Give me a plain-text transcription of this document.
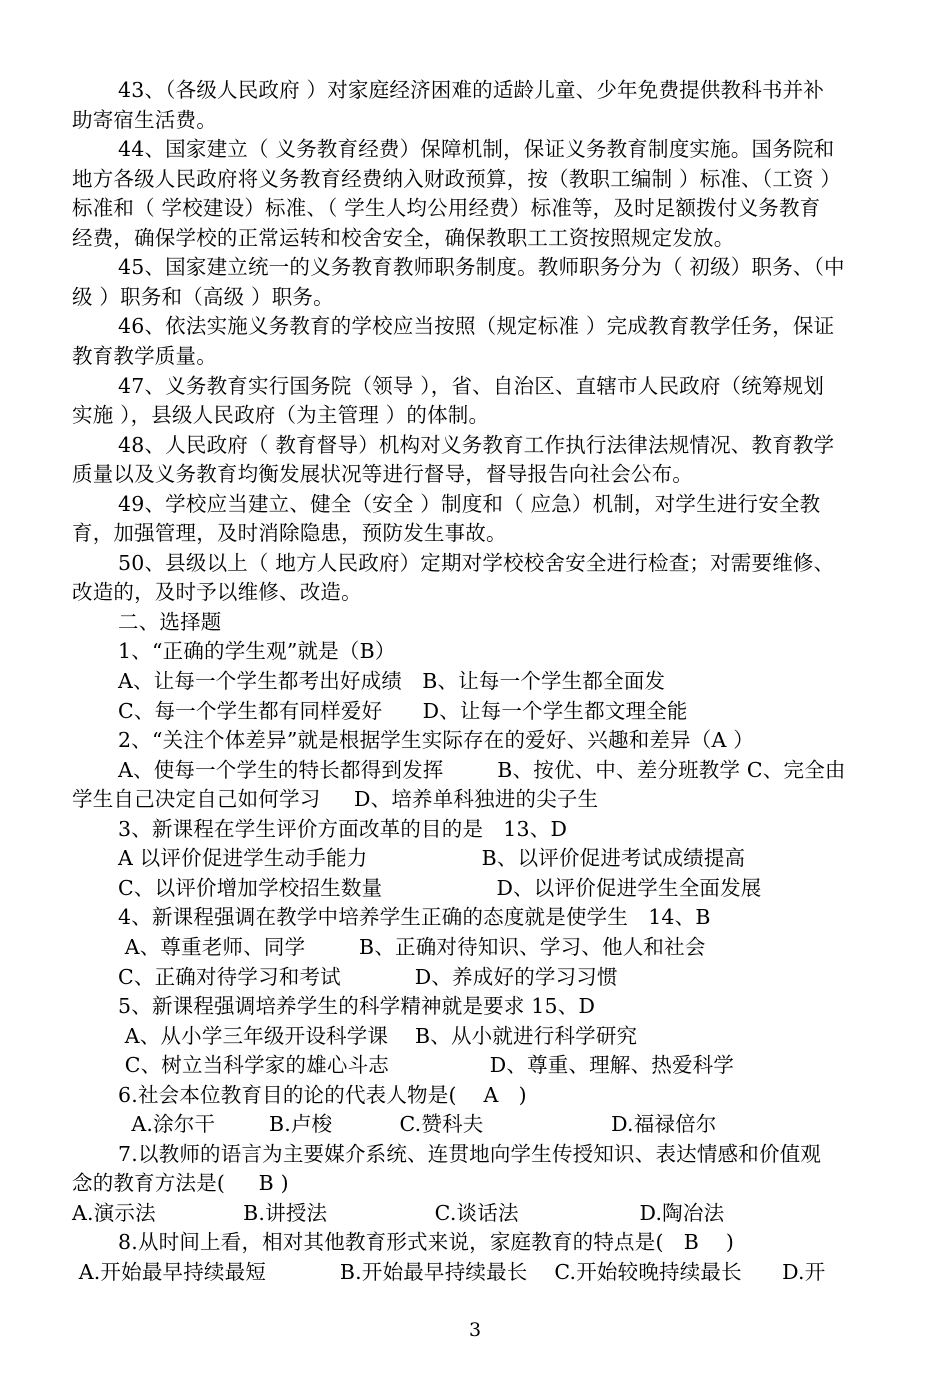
43、（各级人民政府 ）对家庭经济困难的适龄儿童、少年免费提供教科书并补
助寄宿生活费。
44、国家建立（ 义务教育经费）保障机制，保证义务教育制度实施。国务院和
地方各级人民政府将义务教育经费纳入财政预算，按（教职工编制 ）标准、（工资 ）
标准和（ 学校建设）标准、（ 学生人均公用经费）标准等，及时足额拨付义务教育
经费，确保学校的正常运转和校舍安全，确保教职工工资按照规定发放。
45、国家建立统一的义务教育教师职务制度。教师职务分为（ 初级）职务、（中
级 ）职务和（高级 ）职务。
46、依法实施义务教育的学校应当按照（规定标准 ）完成教育教学任务，保证
教育教学质量。
47、义务教育实行国务院（领导 ），省、自治区、直辖市人民政府（统筹规划
实施 ），县级人民政府（为主管理 ）的体制。
48、人民政府（ 教育督导）机构对义务教育工作执行法律法规情况、教育教学
质量以及义务教育均衡发展状况等进行督导，督导报告向社会公布。
49、学校应当建立、健全（安全 ）制度和（ 应急）机制，对学生进行安全教
育，加强管理，及时消除隐患，预防发生事故。
50、县级以上（ 地方人民政府）定期对学校校舍安全进行检查；对需要维修、
改造的，及时予以维修、改造。
二、选择题
1、“正确的学生观”就是（B）
A、让每一个学生都考出好成绩   B、让每一个学生都全面发
C、每一个学生都有同样爱好      D、让每一个学生都文理全能
2、“关注个体差异”就是根据学生实际存在的爱好、兴趣和差异（A ）
A、使每一个学生的特长都得到发挥        B、按优、中、差分班教学 C、完全由
学生自己决定自己如何学习     D、培养单科独进的尖子生
3、新课程在学生评价方面改革的目的是   13、D
A 以评价促进学生动手能力                 B、以评价促进考试成绩提高
C、以评价增加学校招生数量                 D、以评价促进学生全面发展
4、新课程强调在教学中培养学生正确的态度就是使学生   14、B
A、尊重老师、同学        B、正确对待知识、学习、他人和社会
C、正确对待学习和考试           D、养成好的学习习惯
5、新课程强调培养学生的科学精神就是要求 15、D
A、从小学三年级开设科学课    B、从小就进行科学研究
C、树立当科学家的雄心斗志               D、尊重、理解、热爱科学
6.社会本位教育目的论的代表人物是(    A   )
A.涂尔干        B.卢梭          C.赞科夫                   D.福禄倍尔
7.以教师的语言为主要媒介系统、连贯地向学生传授知识、表达情感和价值观
念的教育方法是(     B )
A.演示法             B.讲授法                C.谈话法                  D.陶冶法
8.从时间上看，相对其他教育形式来说，家庭教育的特点是(   B    )
A.开始最早持续最短           B.开始最早持续最长    C.开始较晚持续最长      D.开
3
